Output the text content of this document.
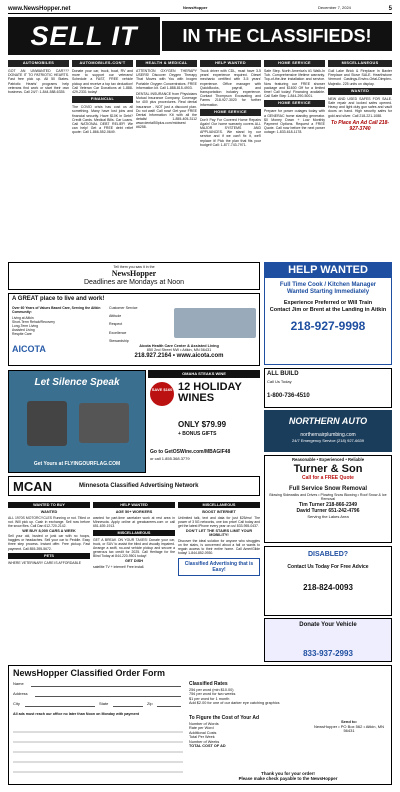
www.NewsHopper.net	NewsHopper	December 7, 2024	5
SELL IT	IN THE CLASSIFIEDS!
AUTOMOBILES

GOT AN UNWANTED CAR??? DONATE IT TO PATRIOTIC HEARTS. Fast free pick up. All 50 States. Patriotic Hearts' programs help veterans find work or start their own business. Call 24/7: 1-844-588-6335.

AUTOMOBILES-CON'T

Donate your car, truck, boat, RV and more to support our veterans! Schedule a FAST, FREE vehicle pickup and receive a top tax deduction! Call Veteran Car Donations at 1-888-429-2331 today!

FINANCIAL

The COVID crisis has cost us all something. Many have lost jobs and financial security. Have $10K in Debt? Credit Cards. Medical Bills. Car Loans. Call NATIONAL DEBT RELIEF! We can help! Get a FREE debt relief quote: Call 1-866-552-0649.

HEALTH & MEDICAL

ATTENTION OXYGEN THERAPY USERS! Discover Oxygen Therapy That Moves with You with Inogen Portable Oxygen Concentrators. FREE information kit. Call 1-888-815-4903.

DENTAL INSURANCE from Physicians Mutual Insurance Company. Coverage for 400 plus procedures. Real dental insurance - NOT just a discount plan. Do not wait! Call now! Get your FREE Dental Information Kit with all the details! 1-855-405-3112 www.dental50plus.com/midwest #6258.

HELP WANTED

Truck driver with CDL, must have 3-5 years' experience required. Diesel mechanic certified with 3-5 years' experience. Office manager with QuickBooks, payroll, and transportation industry experience. Contact Thompson Excavating and Farms 218-927-3020 for further information.

HOME SERVICE

Don't Pay For Covered Home Repairs Again! Our home warranty covers ALL MAJOR SYSTEMS AND APPLIANCES. We stand by our service and if we can't fix it, we'll replace it! Pick the plan that fits your budget! Call: 1-877-743-7971.

HOME SERVICE

Safe Step. North America's #1 Walk-In Tub. Comprehensive lifetime warranty. Top-of-the-line installation and service. Now featuring our FREE shower package and $1600 Off for a limited time! Call today! Financing available. Call Safe Step 1-844-290-5001.

HOME SERVICE

Prepare for power outages today with a GENERAC home standby generator. $0 Money Down + Low Monthly Payment Options. Request a FREE Quote. Call now before the next power outage: 1-833-618-1178.

MISCELLANEOUS

Gull Lake Brick & Fireplace in Baxter Fireplace and Stove SALE. Hearthstone Vermont Castings-Enviro-Ortal-Dimplex-Majestic. 225 units on display.

WANTED

NEW AND USED SAFES FOR SALE. Safe repair and locked safes opened. Heavy and light duty gun safes and vault doors on hand. High security safes for gold and silver. Call 218-221-1088.

To Place An Ad Call 218-927-3740

Tell them you saw it in the
NewsHopper
Deadlines are Mondays at Noon
A GREAT place to live and work!
Over 60 Years of Values Based Care, Serving the Aitkin Community:
Living at Aitkin
Short-Term Rehab/Recovery
Long-Term Living
Assisted Living
Respite Care
Customer Service
Attitude
Respect
Excellence
Stewardship
AICOTA	Aicota Health Care Center & Assisted Living
850 2nd Street NW • Aitkin, MN 56431
218.927.2164 • www.aicota.com
HELP WANTED
Full Time Cook / Kitchen Manager
Wanted Starting Immediately
Experience Preferred or Will Train
Contact Jim or Brent at the Landing in Aitkin
218-927-9998
Let Silence Speak
Get Yours at FLYINGOURFLAG.COM
OMAHA STEAKS WINE
SAVE $160 12 HOLIDAY WINES
ONLY $79.99
+ BONUS GIFTS
Go to GetOSWine.com/MBAGIF48
or call 1.855.368.3779
MCAN	Minnesota Classified Advertising Network
ALL BUILD
Call Us Today
1-800-736-4510
NORTHERN AUTO
northernairplumbing.com
24/7 Emergency Service (218) 927-6639
Reasonable • Experienced • Reliable
Turner & Son
Call for a FREE Quote
Full Service Snow Removal
Blowing Sidewalks and Drives • Plowing Snow Blowing • Roof Snow & Ice Removal
Tim Turner 218-866-2349
David Turner 651-242-4796
Serving the Lakes Area
DISABLED?
Contact Us Today For Free Advice
218-824-0093
Donate Your Vehicle
833-937-2993
WANTED TO BUY
WANTED

ALL 1970S MOTORCYCLES Running or not. Titled or not. Will pick up. Cash in exchange. Sell now before the snow flies. Call Dan 612-720-2142.

WE BUY 8,000 CARS A WEEK

Sell your old, busted or junk car with no hoops, haggles or headaches. Sell your car to Peddle. Easy three step process. Instant offer. Free pickup. Fast payment. Call 855-395-5672.

PETS

WHERE VETERINARY CARE IS AFFORDABLE

HELP WANTED
AGE 50+ WORKERS

wanted for part-time caretaker work at rest area in Minnesota. Apply online at greatcareers.com or call 651-639-1913.

MISCELLANEOUS

GET A BREAK ON YOUR TAXES! Donate your car, truck, or SUV to assist the blind and visually impaired. Arrange a swift, no-cost vehicle pickup and secure a generous tax credit for 2025. Call Heritage for the Blind Today at 844-220-9501 today!

GET DISH

satellite TV + internet! Free install.

MISCELLANEOUS
BOOST INTERNET

Unlimited talk, text and data for just $25/mo! The power of 3 5G networks, one low price! Call today and get the latest iPhone every year on us! 833-955-0437.

DON'T LET THE STAIRS LIMIT YOUR MOBILITY!

Discover the ideal solution for anyone who struggles on the stairs, is concerned about a fall or wants to regain access to their entire home. Call AmeriGlide today! 1-844-852-0930.

Classified Advertising that is Easy!
NewsHopper Classified Order Form
Name
Address
City	State	Zip
All ads must reach our office no later than Noon on Monday with payment
Classified Rates
25¢ per word (min $10.00)
75¢ per word for two weeks
$1 per word for 1 month
Add $2.00 for one of our darker eye catching graphics
To Figure the Cost of Your Ad
Number of Words
Rate per Word
Additional Costs
Total Per Week
Number of Weeks
TOTAL COST OF AD
Send to:
NewsHopper • PO Box 562 • Aitkin, MN 56431
Thank you for your order!
Please make check payable to the NewsHopper
